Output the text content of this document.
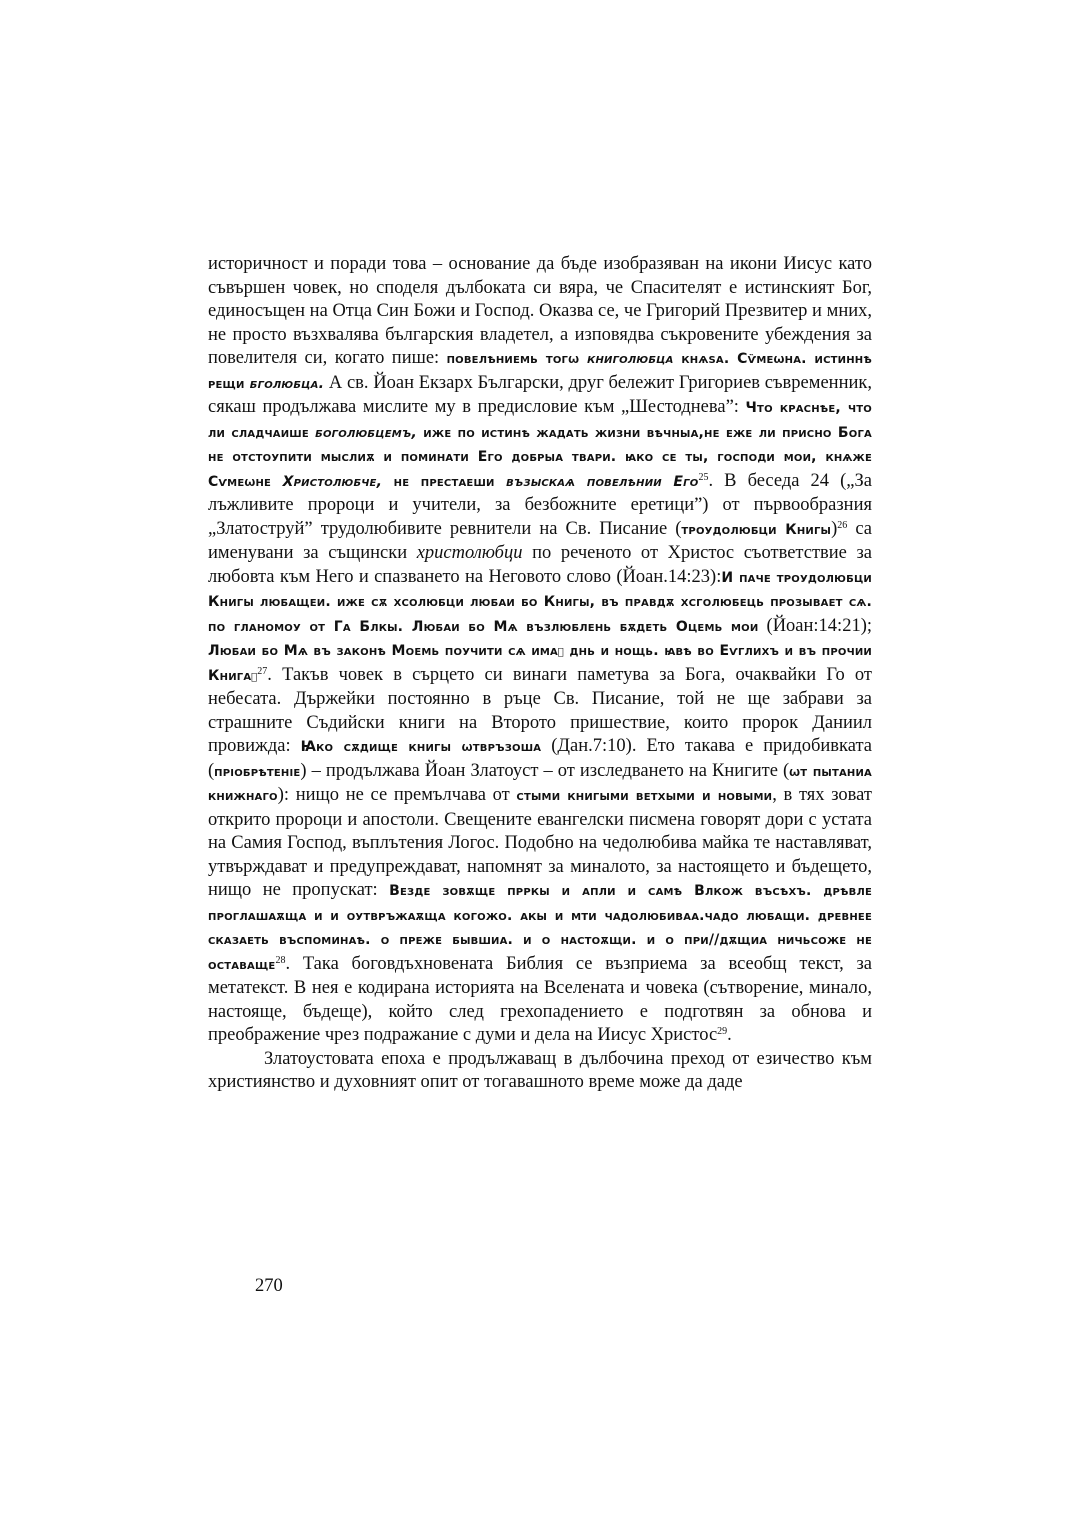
историчност и поради това – основание да бъде изобразяван на икони Иисус като съвършен човек, но споделя дълбоката си вяра, че Спасителят е истинският Бог, единосъщен на Отца Син Божи и Господ. Оказва се, че Григорий Презвитер и мних, не просто възхвалява българския владетел, а изповядва съкровените убеждения за повелителя си, когато пише: повелѣниемь тогѡ книголюбца кнѧѕа. Сѷмеѡна. истиннѣ рещи бголюбца. А св. Йоан Екзарх Български, друг бележит Григориев съвременник, сякаш продължава мислите му в предисловие към „Шестоднева”: Что краснѣе, что ли сладчаише боголюбцемъ, иже по истинѣ жадать жизни вѣчныа,не еже ли присно Бога не отстоупити мыслиѫ и поминати Его добрыа твари. ꙗко се ты, господи мои, кнѧже Сѵмеѡне Христолюбче, не престаеши възыскаѧ повелѣнии Его$^{25}$. В беседа 24 („За лъжливите пророци и учители, за безбожните еретици”) от първообразния „Златоструй” трудолюбивите ревнители на Св. Писание (троудолюбци Книгы)$^{26}$ са именувани за същински христолюбци по реченото от Христос съответствие за любовта към Него и спазването на Неговото слово (Йоан.14:23):И паче троудолюбци Книгы любащеи. иже сѫ хсолюбци любаи бо Книгы, въ правдѫ хсголюбець прозывает сѧ. по гланомоу от Га Блкы. Любаи бо Мѧ възлюблень бѫдеть Оцемь мои (Йоан:14:21); Любаи бо Мѧ въ законѣ Моемь поучити сѧ имаⷮ днь и нощь. ꙗвѣ во Еѵглихъ и въ прочии Книгаⷯ$^{27}$. Такъв човек в сърцето си винаги паметува за Бога, очаквайки Го от небесата. Държейки постоянно в ръце Св. Писание, той не ще забрави за страшните Съдийски книги на Второто пришествие, които пророк Даниил провижда: Ꙗко сѫдище книгы ѡтвръзоша (Дан.7:10). Ето такава е придобивката (прiобрѣтенiе) – продължава Йоан Златоуст – от изследването на Книгите (ѡт пытаниа книжнаго): нищо не се премълчава от стыми книгыми ветхыми и новыми, в тях зоват открито пророци и апостоли. Свещените евангелски писмена говорят дори с устата на Самия Господ, въплътения Логос. Подобно на чедолюбива майка те наставляват, утвърждават и предупреждават, напомнят за миналото, за настоящето и бъдещето, нищо не пропускат: Везде зовѫще прркы и апли и самѣ Влкож въсѣхъ. дрѣвле проглашаѫща и и оутвръжаѫща когожо. акы и мти чадолюбиваа.чадо любащи. древнее сказаеть въспоминаѣ. о преже бывшиа. и о настоѫщи. и о при//дѫщиа ничьсоже не оставаще$^{28}$. Така боговдъхновената Библия се възприема за всеобщ текст, за метатекст. В нея е кодирана историята на Вселената и човека (сътворение, минало, настояще, бъдеще), който след грехопадението е подготвян за обнова и преображение чрез подражание с думи и дела на Иисус Христос$^{29}$.

Златоустовата епоха е продължаващ в дълбочина преход от езичество към християнство и духовният опит от тогавашното време може да даде

270
